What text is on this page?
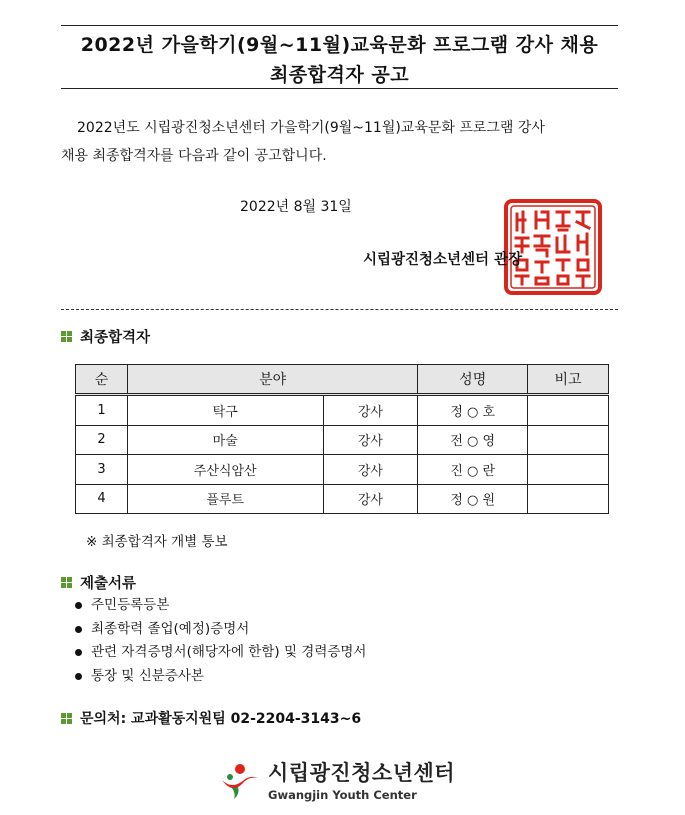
2022년 가을학기(9월~11월)교육문화 프로그램 강사 채용
최종합격자 공고
2022년도 시립광진청소년센터 가을학기(9월~11월)교육문화 프로그램 강사
채용 최종합격자를 다음과 같이 공고합니다.
2022년 8월 31일
시립광진청소년센터 관장
최종합격자
순	분야		성명	비고
1	탁구	강사	정 ○ 호	
2	마술	강사	전 ○ 영	
3	주산식암산	강사	진 ○ 란	
4	플루트	강사	정 ○ 원	
※ 최종합격자 개별 통보
제출서류
주민등록등본
최종학력 졸업(예정)증명서
관련 자격증명서(해당자에 한함) 및 경력증명서
통장 및 신분증사본
문의처: 교과활동지원팀 02-2204-3143~6
시립광진청소년센터
Gwangjin Youth Center
